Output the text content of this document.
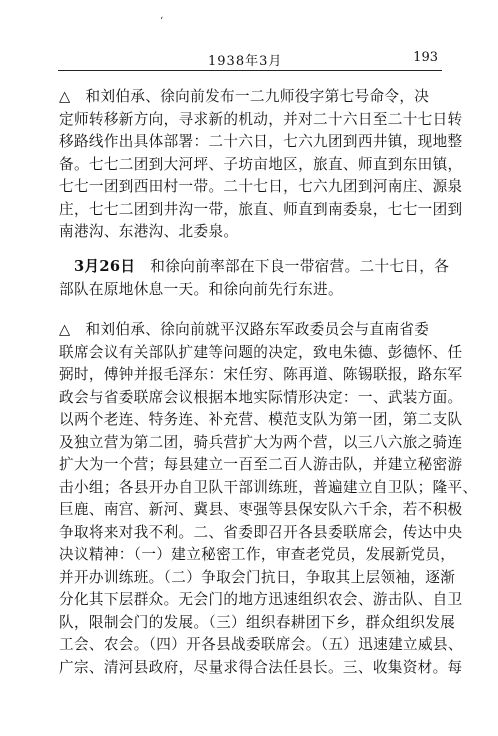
ʻ
1938年3月	193
△　和刘伯承、徐向前发布一二九师役字第七号命令，决
定师转移新方向，寻求新的机动，并对二十六日至二十七日转
移路线作出具体部署：二十六日，七六九团到西井镇，现地整
备。七七二团到大河坪、子坊亩地区，旅直、师直到东田镇，
七七一团到西田村一带。二十七日，七六九团到河南庄、源泉
庄，七七二团到井沟一带，旅直、师直到南委泉，七七一团到
南港沟、东港沟、北委泉。
　3月26日　和徐向前率部在下良一带宿营。二十七日，各
部队在原地休息一天。和徐向前先行东进。
△　和刘伯承、徐向前就平汉路东军政委员会与直南省委
联席会议有关部队扩建等问题的决定，致电朱德、彭德怀、任
弼时，傅钟并报毛泽东：宋任穷、陈再道、陈锡联报，路东军
政会与省委联席会议根据本地实际情形决定：一、武装方面。
以两个老连、特务连、补充营、模范支队为第一团，第二支队
及独立营为第二团，骑兵营扩大为两个营，以三八六旅之骑连
扩大为一个营；每县建立一百至二百人游击队，并建立秘密游
击小组；各县开办自卫队干部训练班，普遍建立自卫队；隆平、
巨鹿、南宫、新河、冀县、枣强等县保安队六千余，若不积极
争取将来对我不利。二、省委即召开各县委联席会，传达中央
决议精神：（一）建立秘密工作，审查老党员，发展新党员，
并开办训练班。（二）争取会门抗日，争取其上层领袖，逐渐
分化其下层群众。无会门的地方迅速组织农会、游击队、自卫
队，限制会门的发展。（三）组织春耕团下乡，群众组织发展
工会、农会。（四）开各县战委联席会。（五）迅速建立威县、
广宗、清河县政府，尽量求得合法任县长。三、收集资材。每
